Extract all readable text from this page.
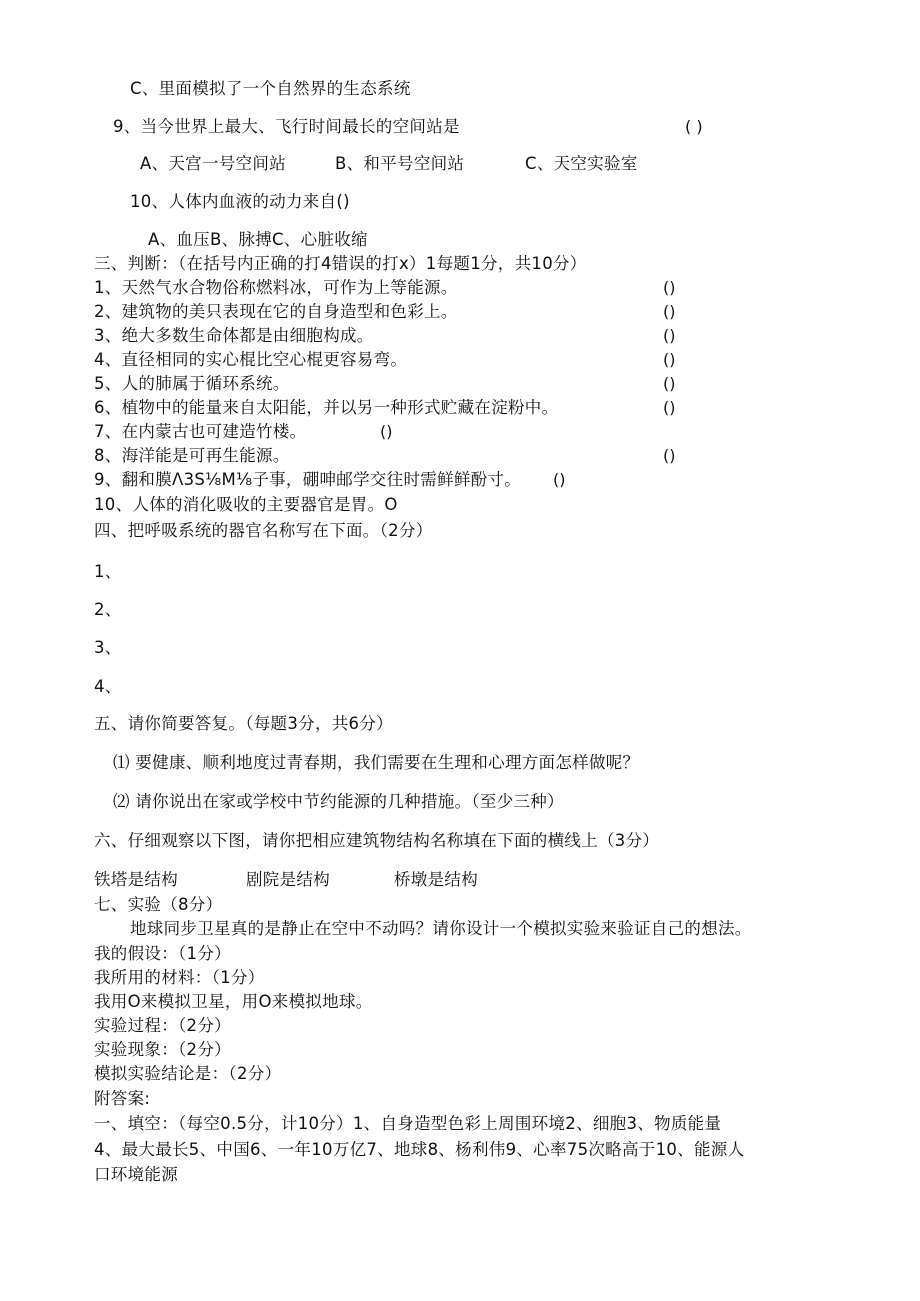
C、里面模拟了一个自然界的生态系统
9、当今世界上最大、飞行时间最长的空间站是	( )
A、天宫一号空间站	B、和平号空间站	C、天空实验室
10、人体内血液的动力来自()
A、血压B、脉搏C、心脏收缩
三、判断：（在括号内正确的打4错误的打x）1每题1分，共10分）
1、天然气水合物俗称燃料冰，可作为上等能源。	()
2、建筑物的美只表现在它的自身造型和色彩上。	()
3、绝大多数生命体都是由细胞构成。	()
4、直径相同的实心棍比空心棍更容易弯。	()
5、人的肺属于循环系统。	()
6、植物中的能量来自太阳能，并以另一种形式贮藏在淀粉中。	()
7、在内蒙古也可建造竹楼。	()
8、海洋能是可再生能源。	()
9、翻和膜Λ3S⅛M⅛子事，硼呻邮学交往时需鲜鲜酚寸。 ()
10、人体的消化吸收的主要器官是胃。O
四、把呼吸系统的器官名称写在下面。（2分）
1、
2、
3、
4、
五、请你简要答复。（每题3分，共6分）
⑴ 要健康、顺利地度过青春期，我们需要在生理和心理方面怎样做呢？
⑵ 请你说出在家或学校中节约能源的几种措施。（至少三种）
六、仔细观察以下图，请你把相应建筑物结构名称填在下面的横线上（3分）
铁塔是结构	剧院是结构	桥墩是结构
七、实验（8分）
地球同步卫星真的是静止在空中不动吗？请你设计一个模拟实验来验证自己的想法。
我的假设：（1分）
我所用的材料：（1分）
我用O来模拟卫星，用O来模拟地球。
实验过程：（2分）
实验现象：（2分）
模拟实验结论是：（2分）
附答案:
一、填空：（每空0.5分，计10分）1、自身造型色彩上周围环境2、细胞3、物质能量
4、最大最长5、中国6、一年10万亿7、地球8、杨利伟9、心率75次略高于10、能源人
口环境能源
